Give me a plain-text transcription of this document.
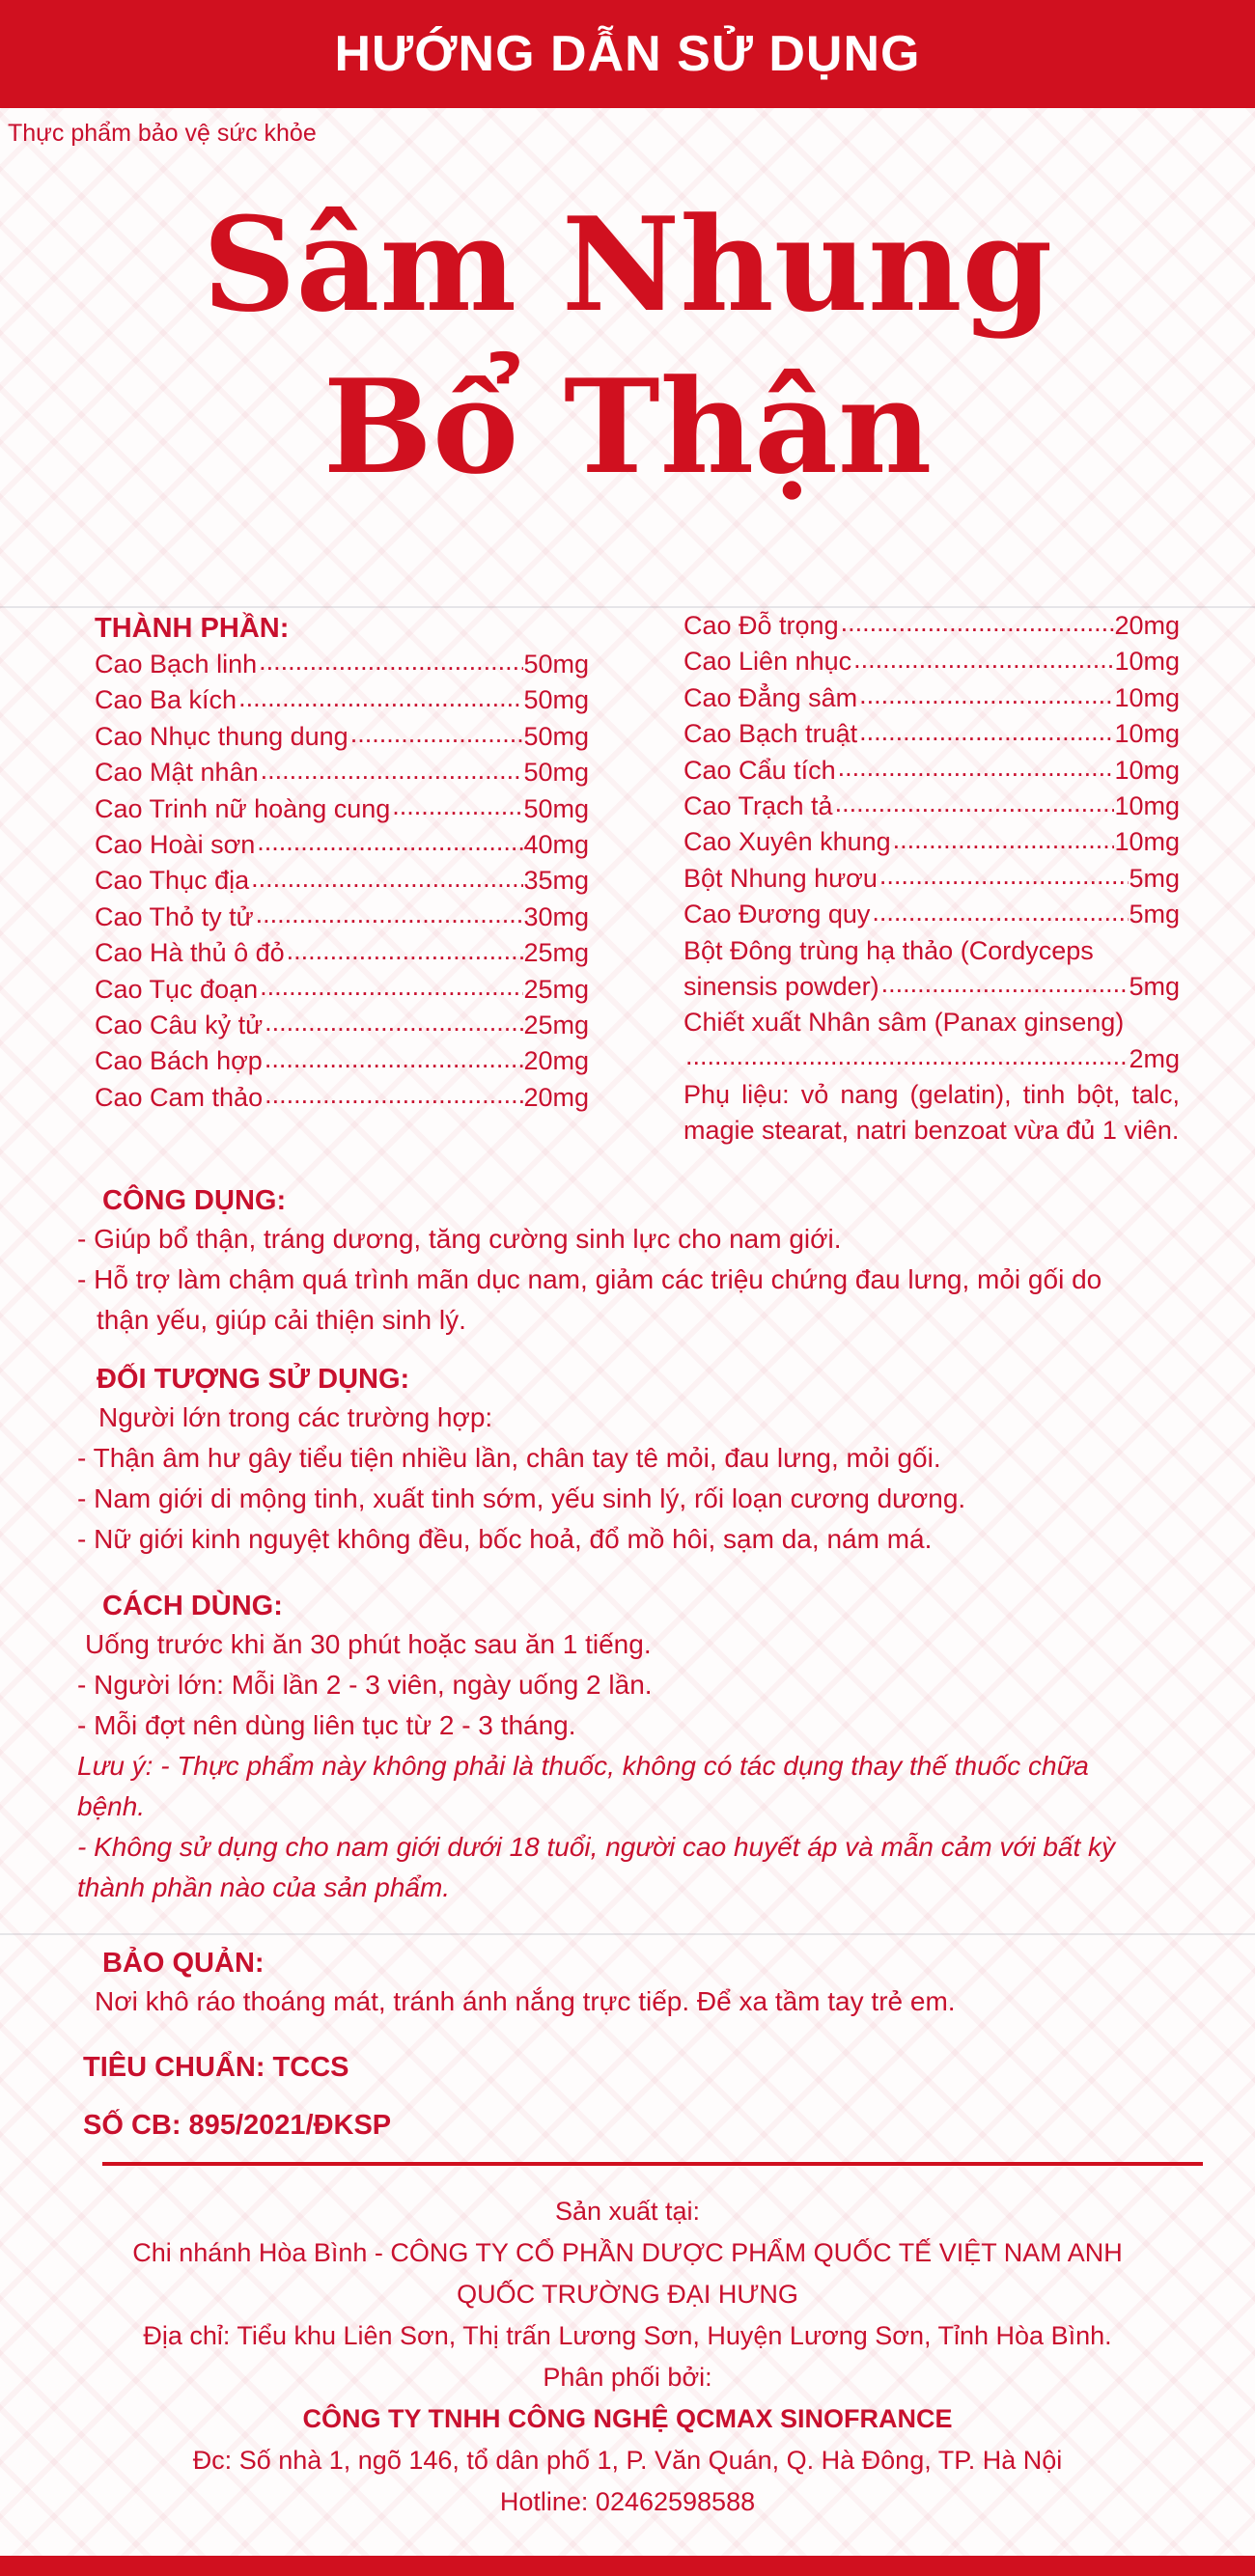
HƯỚNG DẪN SỬ DỤNG
Thực phẩm bảo vệ sức khỏe
Sâm Nhung
Bổ Thận
THÀNH PHẦN:
Cao Bạch linh .....	50mg
Cao Ba kích .....	50mg
Cao Nhục thung dung .....	50mg
Cao Mật nhân .....	50mg
Cao Trinh nữ hoàng cung .....	50mg
Cao Hoài sơn .....	40mg
Cao Thục địa .....	35mg
Cao Thỏ ty tử .....	30mg
Cao Hà thủ ô đỏ .....	25mg
Cao Tục đoạn .....	25mg
Cao Câu kỷ tử .....	25mg
Cao Bách hợp .....	20mg
Cao Cam thảo .....	20mg
Cao Đỗ trọng .....	20mg
Cao Liên nhục .....	10mg
Cao Đẳng sâm .....	10mg
Cao Bạch truật .....	10mg
Cao Cẩu tích .....	10mg
Cao Trạch tả .....	10mg
Cao Xuyên khung .....	10mg
Bột Nhung hươu .....	5mg
Cao Đương quy .....	5mg
Bột Đông trùng hạ thảo (Cordyceps
sinensis powder) .....	5mg
Chiết xuất Nhân sâm (Panax ginseng)
.....
2mg
Phụ liệu: vỏ nang (gelatin), tinh bột, talc, magie stearat, natri benzoat vừa đủ 1 viên.
CÔNG DỤNG:
- Giúp bổ thận, tráng dương, tăng cường sinh lực cho nam giới.
- Hỗ trợ làm chậm quá trình mãn dục nam, giảm các triệu chứng đau lưng, mỏi gối do
thận yếu, giúp cải thiện sinh lý.
ĐỐI TƯỢNG SỬ DỤNG:
Người lớn trong các trường hợp:
- Thận âm hư gây tiểu tiện nhiều lần, chân tay tê mỏi, đau lưng, mỏi gối.
- Nam giới di mộng tinh, xuất tinh sớm, yếu sinh lý, rối loạn cương dương.
- Nữ giới kinh nguyệt không đều, bốc hoả, đổ mồ hôi, sạm da, nám má.
CÁCH DÙNG:
Uống trước khi ăn 30 phút hoặc sau ăn 1 tiếng.
- Người lớn: Mỗi lần 2 - 3 viên, ngày uống 2 lần.
- Mỗi đợt nên dùng liên tục từ 2 - 3 tháng.
Lưu ý: - Thực phẩm này không phải là thuốc, không có tác dụng thay thế thuốc chữa
bệnh.
- Không sử dụng cho nam giới dưới 18 tuổi, người cao huyết áp và mẫn cảm với bất kỳ
thành phần nào của sản phẩm.
BẢO QUẢN:
Nơi khô ráo thoáng mát, tránh ánh nắng trực tiếp. Để xa tầm tay trẻ em.
TIÊU CHUẨN: TCCS
SỐ CB: 895/2021/ĐKSP
Sản xuất tại:
Chi nhánh Hòa Bình - CÔNG TY CỔ PHẦN DƯỢC PHẨM QUỐC TẾ VIỆT NAM ANH
QUỐC TRƯỜNG ĐẠI HƯNG
Địa chỉ: Tiểu khu Liên Sơn, Thị trấn Lương Sơn, Huyện Lương Sơn, Tỉnh Hòa Bình.
Phân phối bởi:
CÔNG TY TNHH CÔNG NGHỆ QCMAX SINOFRANCE
Đc: Số nhà 1, ngõ 146, tổ dân phố 1, P. Văn Quán, Q. Hà Đông, TP. Hà Nội
Hotline: 02462598588
